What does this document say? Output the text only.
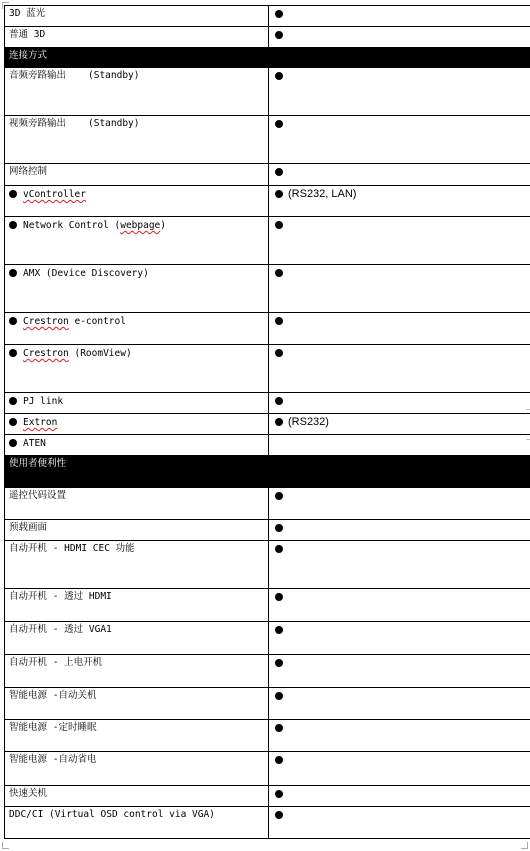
3D 蓝光	
普通 3D	
连接方式	
音频旁路输出 (Standby)	
视频旁路输出 (Standby)	
网络控制	
vController	(RS232, LAN)
Network Control (webpage)	
AMX (Device Discovery)	
Crestron e-control	
Crestron (RoomView)	
PJ link	
Extron	(RS232)
ATEN	
使用者便利性	
遥控代码设置	
预载画面	
自动开机 - HDMI CEC 功能	
自动开机 - 透过 HDMI	
自动开机 - 透过 VGA1	
自动开机 - 上电开机	
智能电源 -自动关机	
智能电源 -定时睡眠	
智能电源 -自动省电	
快速关机	
DDC/CI (Virtual OSD control via VGA)	
